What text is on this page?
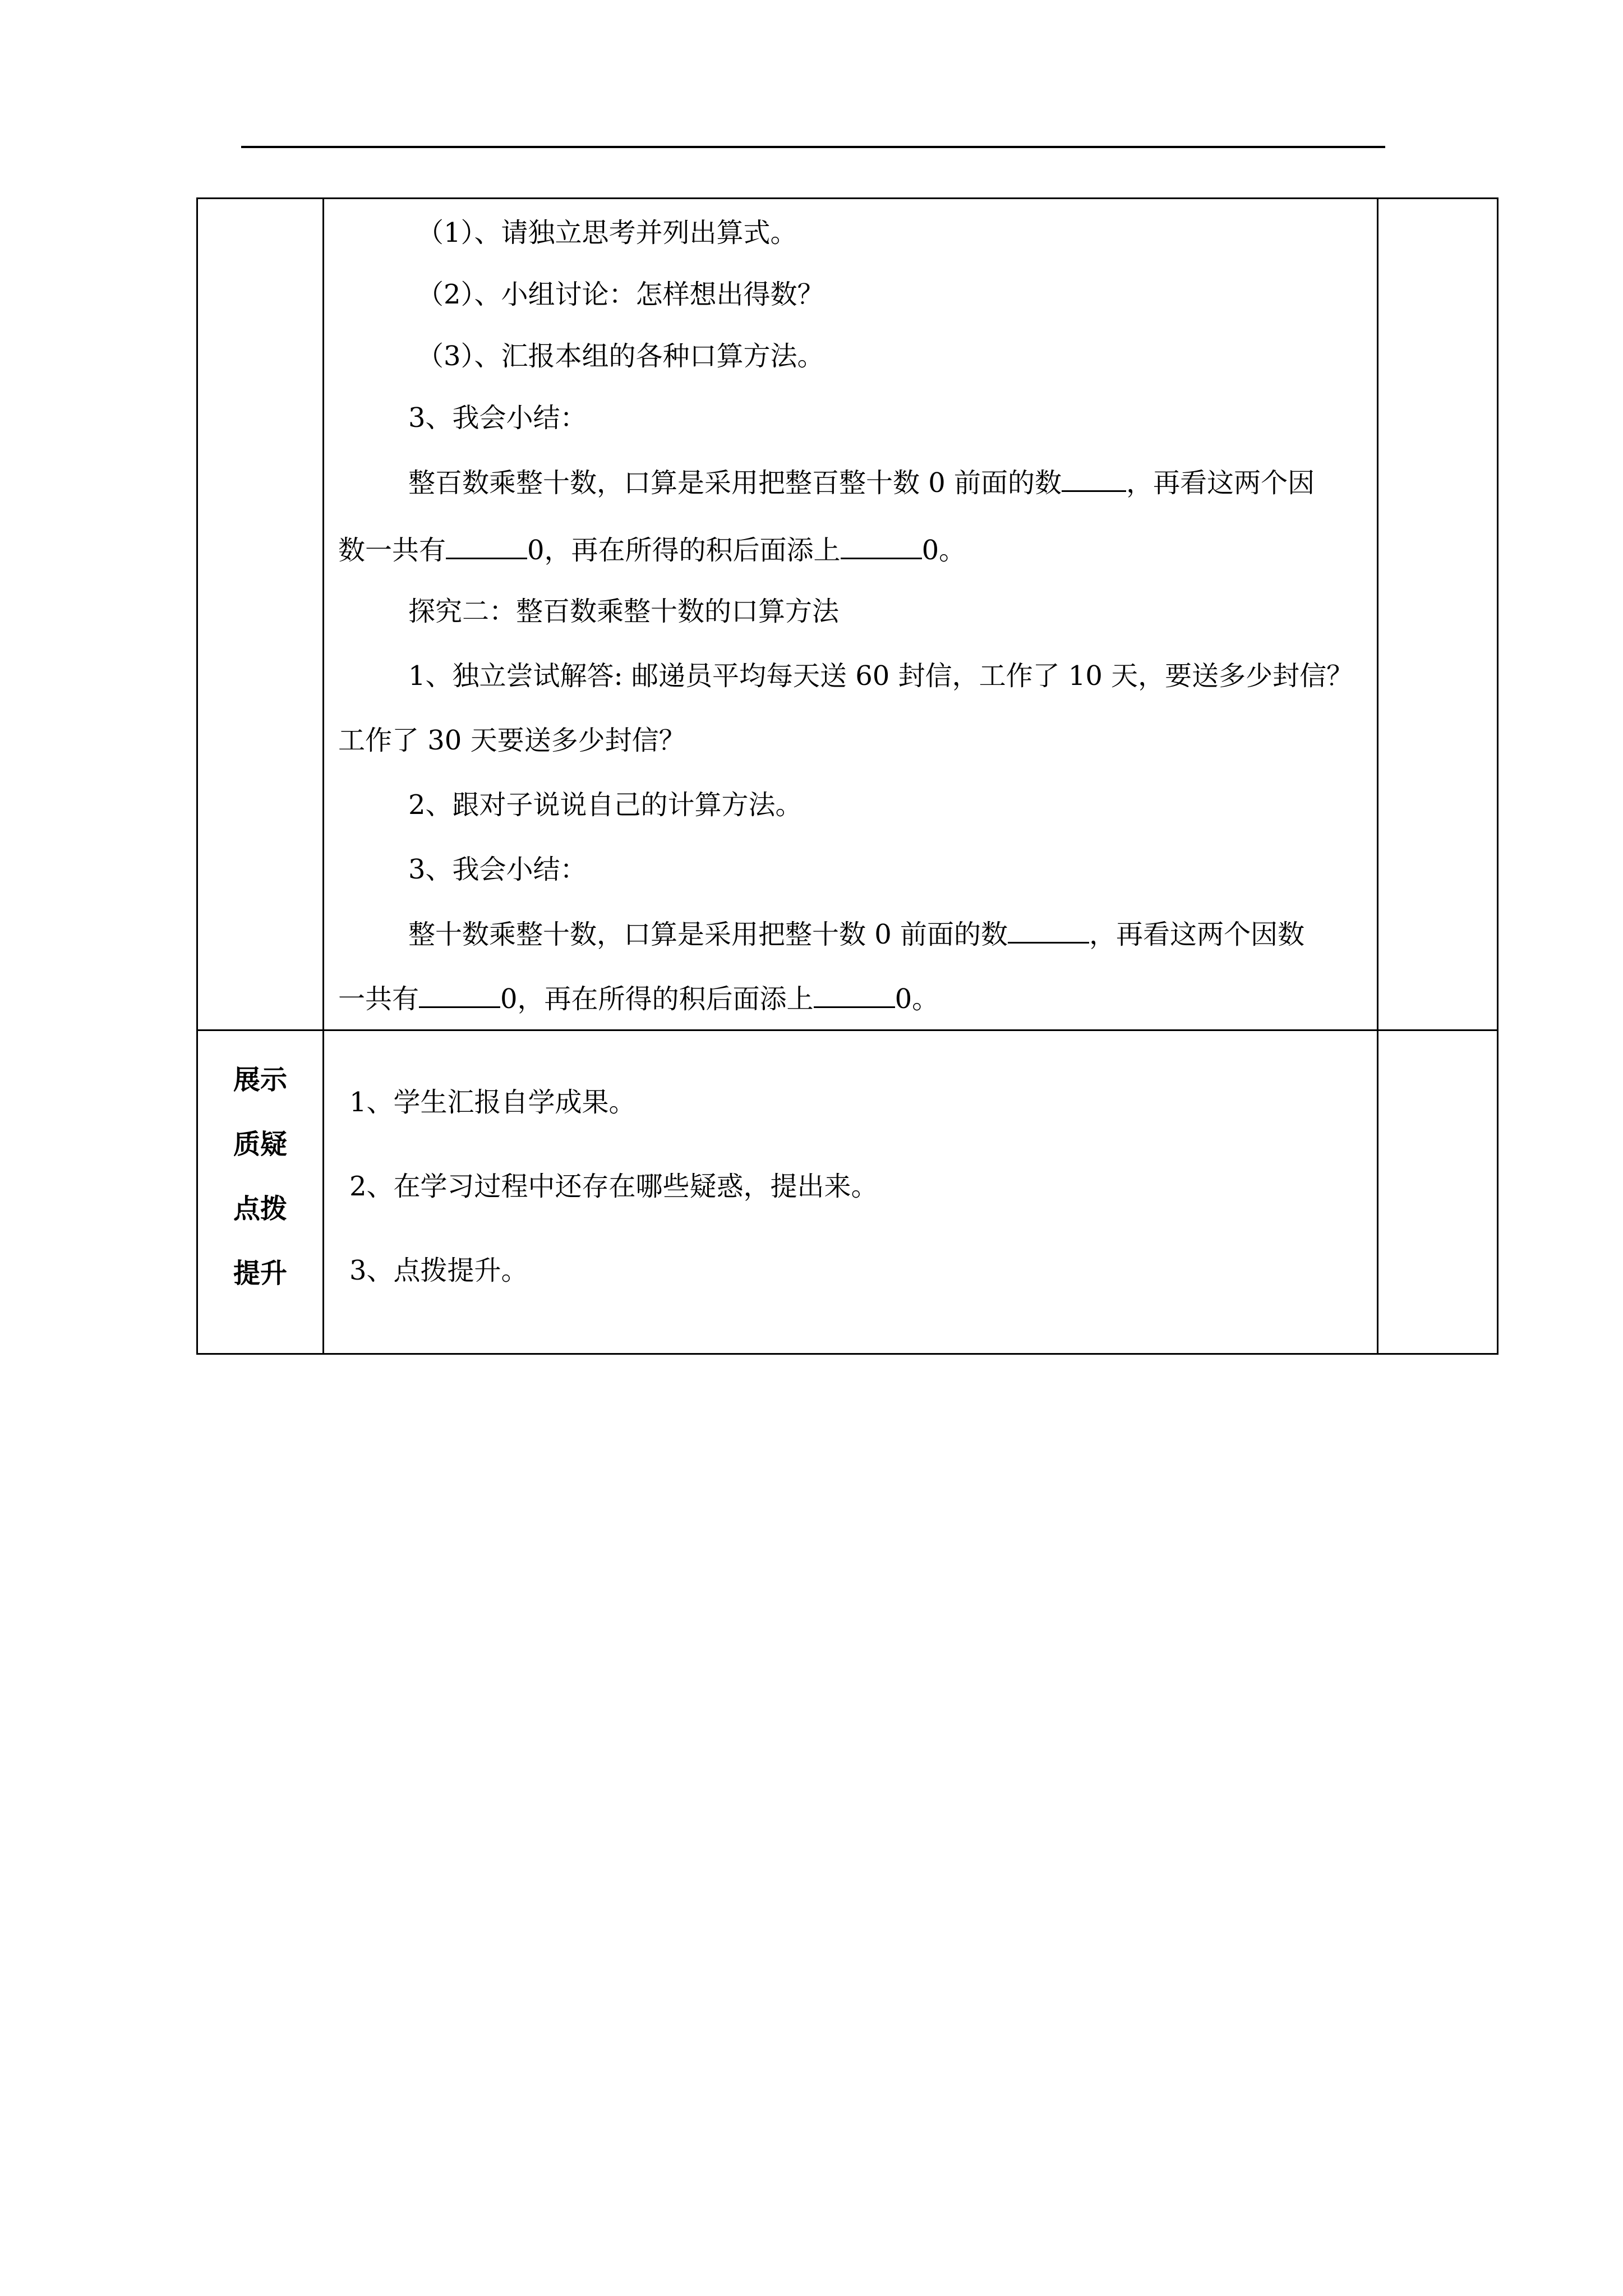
（1）、请独立思考并列出算式。
（2）、小组讨论：怎样想出得数？
（3）、汇报本组的各种口算方法。
3、我会小结：
整百数乘整十数，口算是采用把整百整十数 0 前面的数 ，再看这两个因
数一共有	0，再在所得的积后面添上	0。
探究二：整百数乘整十数的口算方法
1、独立尝试解答: 邮递员平均每天送 60 封信，工作了 10 天，要送多少封信？
工作了 30 天要送多少封信？
2、跟对子说说自己的计算方法。
3、我会小结：
整十数乘整十数，口算是采用把整十数 0 前面的数	，再看这两个因数
一共有	0，再在所得的积后面添上	0。
展示
质疑
点拨
提升
1、学生汇报自学成果。
2、在学习过程中还存在哪些疑惑，提出来。
3、点拨提升。
